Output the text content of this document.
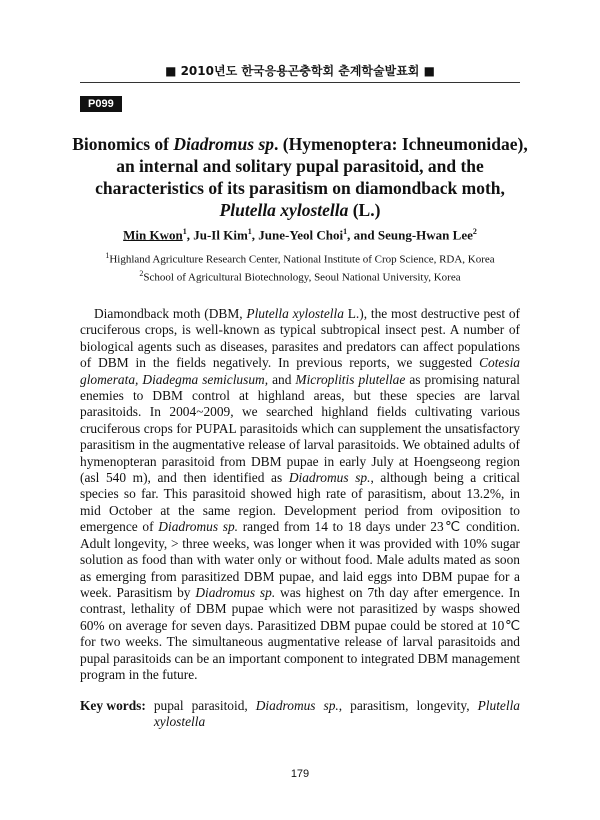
■ 2010년도 한국응용곤충학회 춘계학술발표회 ■
P099
Bionomics of Diadromus sp. (Hymenoptera: Ichneumonidae), an internal and solitary pupal parasitoid, and the characteristics of its parasitism on diamondback moth, Plutella xylostella (L.)
Min Kwon$^1$, Ju-Il Kim$^1$, June-Yeol Choi$^1$, and Seung-Hwan Lee$^2$
$^1$Highland Agriculture Research Center, National Institute of Crop Science, RDA, Korea
$^2$School of Agricultural Biotechnology, Seoul National University, Korea
Diamondback moth (DBM, Plutella xylostella L.), the most destructive pest of cruciferous crops, is well-known as typical subtropical insect pest. A number of biological agents such as diseases, parasites and predators can affect populations of DBM in the fields negatively. In previous reports, we suggested Cotesia glomerata, Diadegma semiclusum, and Microplitis plutellae as promising natural enemies to DBM control at highland areas, but these species are larval parasitoids. In 2004~2009, we searched highland fields cultivating various cruciferous crops for PUPAL parasitoids which can supplement the unsatisfactory parasitism in the augmentative release of larval parasitoids. We obtained adults of hymenopteran parasitoid from DBM pupae in early July at Hoengseong region (asl 540 m), and then identified as Diadromus sp., although being a critical species so far. This parasitoid showed high rate of parasitism, about 13.2%, in mid October at the same region. Development period from oviposition to emergence of Diadromus sp. ranged from 14 to 18 days under 23℃ condition. Adult longevity, > three weeks, was longer when it was provided with 10% sugar solution as food than with water only or without food. Male adults mated as soon as emerging from parasitized DBM pupae, and laid eggs into DBM pupae for a week. Parasitism by Diadromus sp. was highest on 7th day after emergence. In contrast, lethality of DBM pupae which were not parasitized by wasps showed 60% on average for seven days. Parasitized DBM pupae could be stored at 10℃ for two weeks. The simultaneous augmentative release of larval parasitoids and pupal parasitoids can be an important component to integrated DBM management program in the future.
Key words: pupal parasitoid, Diadromus sp., parasitism, longevity, Plutella xylostella
179
